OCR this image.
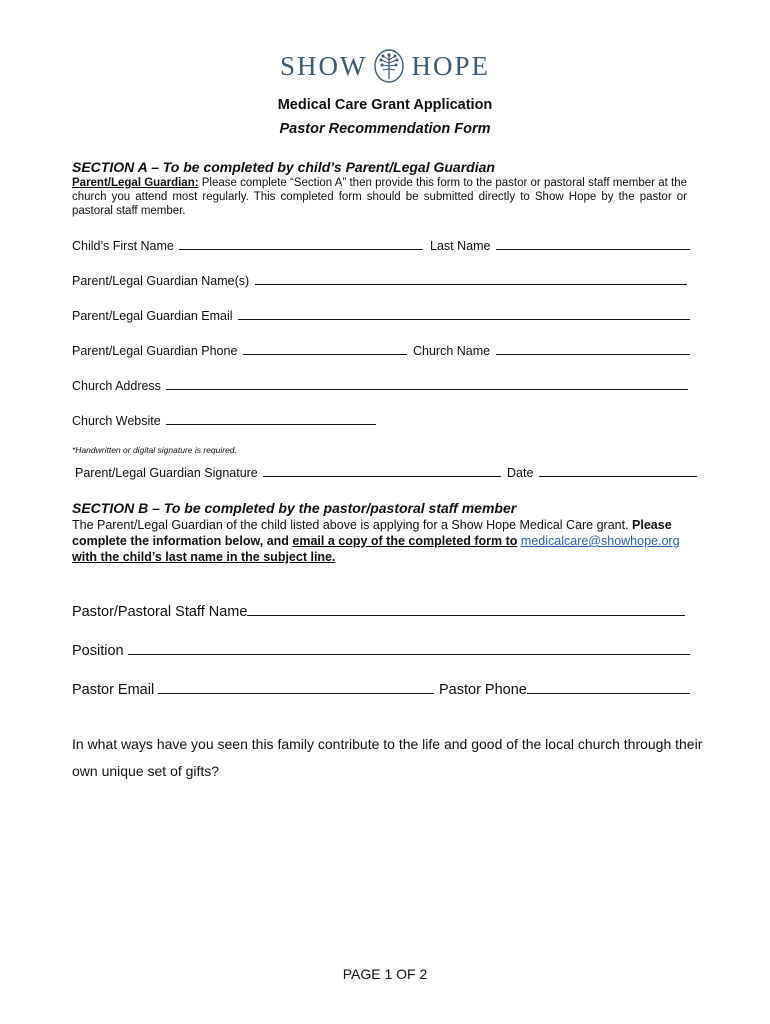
SHOW HOPE
Medical Care Grant Application
Pastor Recommendation Form
SECTION A – To be completed by child’s Parent/Legal Guardian
Parent/Legal Guardian: Please complete “Section A” then provide this form to the pastor or pastoral staff member at the church you attend most regularly. This completed form should be submitted directly to Show Hope by the pastor or pastoral staff member.
Child’s First Name	Last Name
Parent/Legal Guardian Name(s)
Parent/Legal Guardian Email
Parent/Legal Guardian Phone	Church Name
Church Address
Church Website
*Handwritten or digital signature is required.
Parent/Legal Guardian Signature	Date
SECTION B – To be completed by the pastor/pastoral staff member
The Parent/Legal Guardian of the child listed above is applying for a Show Hope Medical Care grant. Please complete the information below, and email a copy of the completed form to medicalcare@showhope.org
with the child’s last name in the subject line.
Pastor/Pastoral Staff Name
Position
Pastor Email	Pastor Phone
In what ways have you seen this family contribute to the life and good of the local church through their own unique set of gifts?
PAGE 1 OF 2
